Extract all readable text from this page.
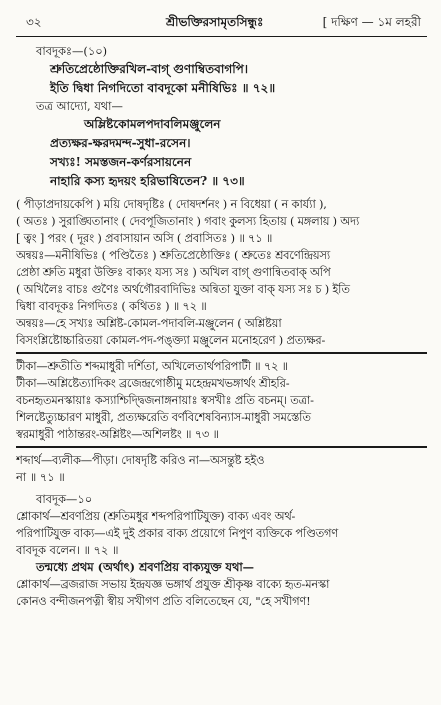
৩২	শ্রীভক্তিরসামৃতসিন্ধুঃ	[ দক্ষিণ — ১ম লহরী
বাবদূকঃ—(১০)
শ্রুতিপ্রেষ্ঠোক্তিরখিল-বাগ্ গুণাম্বিতবাগপি।
ইতি দ্বিধা নিগদিতো বাবদূকো মনীষিভিঃ ॥ ৭২॥
তত্র আদ্যো, যথা—
অম্লিষ্টকোমলপদাবলিমঞ্জুলেন
প্রত্যক্ষর-ক্ষরদমন্দ-সুধা-রসেন।
সখ্যঃ! সমস্তজন-কর্ণরসায়নেন
নাহারি কস্য হৃদয়ং হরিভাষিতেন? ॥ ৭৩॥
( পীড়াপ্রদায়কেপি ) ময়ি দোষদৃষ্টিঃ ( দোষদর্শনং ) ন বিধেয়া ( ন কার্য্যা ),
( অতঃ ) সুরাঙ্ঘিতানাং ( দেবপূজিতানাং ) গবাং কুলস্য হিতায় ( মঙ্গলায় ) অদ্য
[ ত্বং ] পরং ( দূরং ) প্রবাসায়ান অসি ( প্রবাসিতঃ ) ॥ ৭১ ॥
অন্বয়ঃ—মনীষিভিঃ ( পণ্ডিতৈঃ ) শ্রুতিপ্রেষ্ঠোক্তিঃ ( শ্রুতেঃ শ্রবণেন্দ্রিয়স্য
প্রেষ্ঠা শ্রুতি মধুরা উক্তিঃ বাক্যং যস্য সঃ ) অখিল বাগ্ গুণান্বিতবাক্ অপি
( অখিলৈঃ বাচঃ গুণৈঃ অর্থগৌরবাদিভিঃ অন্বিতা যুক্তা বাক্ যস্য সঃ চ ) ইতি
দ্বিধা বাবদূকঃ নিগদিতঃ ( কথিতঃ ) ॥ ৭২ ॥
অন্বয়ঃ—হে সখ্যঃ অশ্লিষ্ট-কোমল-পদাবলি-মঞ্জুলেন ( অশ্লিষ্টয়া
বিসংশ্লিষ্টোচ্চারিতয়া কোমল-পদ-পঙ্ক্ত্যা মঞ্জুলেন মনোহরেণ ) প্রত্যক্ষর-
টীকা—শ্রুতীতি শব্দমাধুরী দর্শিতা, অখিলেতার্থপরিপাটী ॥ ৭২ ॥
টীকা—অশ্লিষ্টেত্যাদিকং ব্রজেন্দ্রগোষ্ঠীমু মহেন্দ্রমখভঙ্গার্থং শ্রীহরি-
বচনহৃতমনস্কায়াঃ কস্যাশ্চিদ্দ্বিজনাঙ্গনায়াঃ স্বসখীঃ প্রতি বচনম্। তত্রা-
শিলষ্টেত্যুচ্চারণ মাধুরী, প্রত্যক্ষরেতি বর্ণবিশেষবিন্যাস-মাধুরী সমস্তেতি
স্বরমাধুরী পাঠান্তরং-অশ্লিষ্টং—অশিলষ্টং ॥ ৭৩ ॥
শব্দার্থ—ব্যলীক—পীড়া। দোষদৃষ্টি করিও না—অসন্তুষ্ট হইও
না ॥ ৭১ ॥
বাবদূক—১০
শ্লোকার্থ—শ্রবণপ্রিয় (শ্রুতিমধুর শব্দপরিপাটিযুক্ত) বাক্য এবং অর্থ-
পরিপাটিযুক্ত বাক্য—এই দুই প্রকার বাক্য প্রয়োগে নিপুণ ব্যক্তিকে পণ্ডিতগণ
বাবদূক বলেন। ॥ ৭২ ॥
তন্মধ্যে প্রথম (অর্থাৎ) শ্রবণপ্রিয় বাক্যযুক্ত যথা—
শ্লোকার্থ—ব্রজরাজ সভায় ইন্দ্রযজ্ঞ ভঙ্গার্থ প্রযুক্ত শ্রীকৃষ্ণ বাক্যে হৃত-মনস্কা
কোনও বন্দীজনপত্নী স্বীয় সখীগণ প্রতি বলিতেছেন যে, "হে সখীগণ!
